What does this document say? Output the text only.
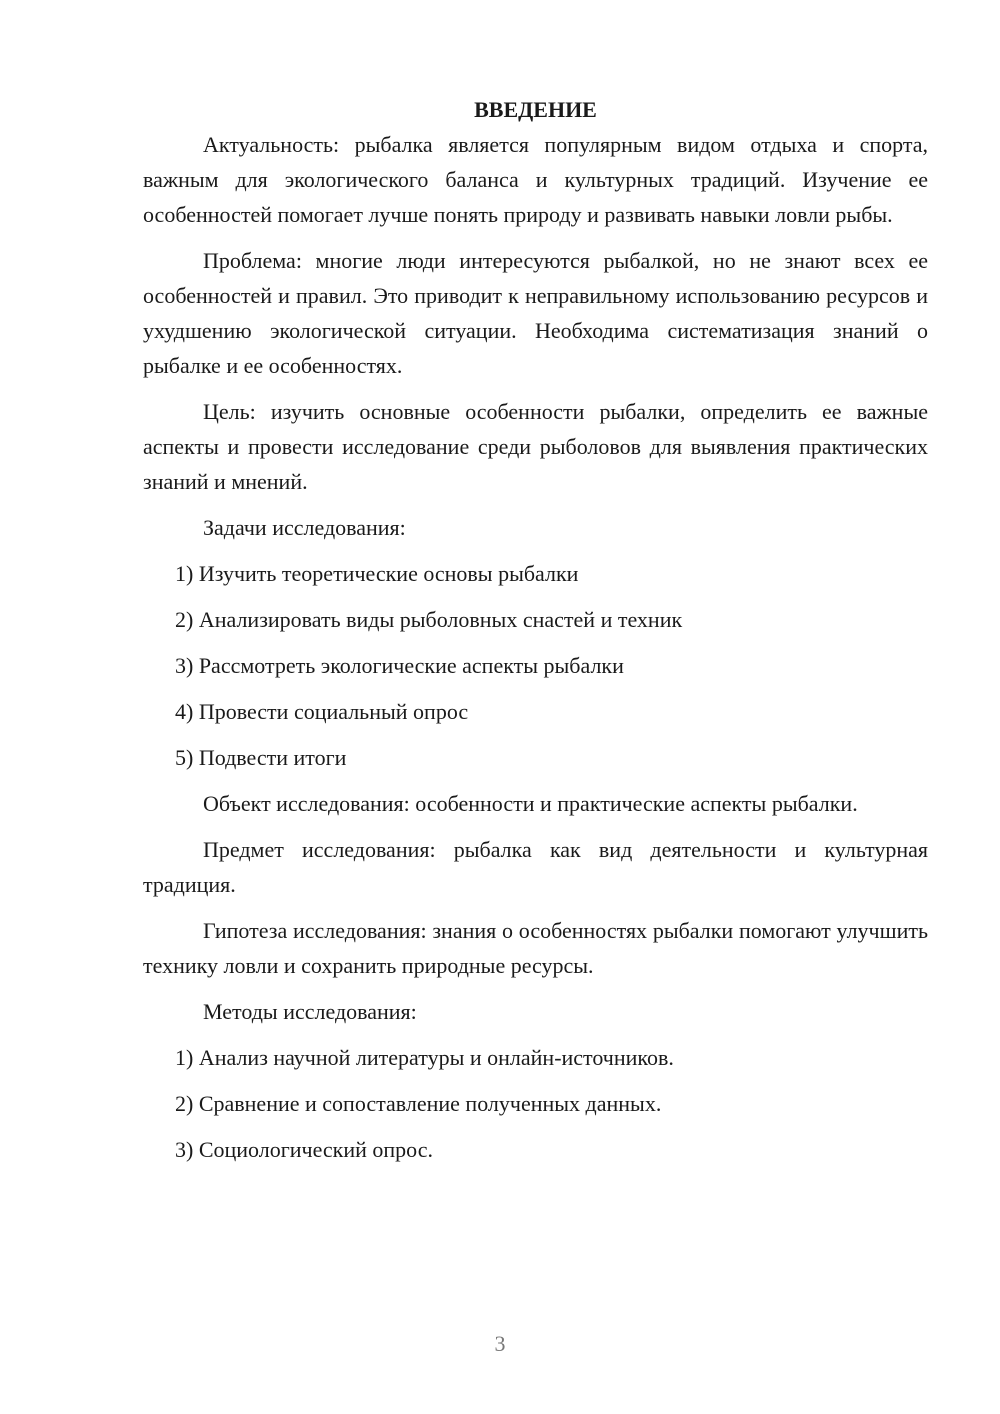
ВВЕДЕНИЕ

Актуальность: рыбалка является популярным видом отдыха и спорта, важным для экологического баланса и культурных традиций. Изучение ее особенностей помогает лучше понять природу и развивать навыки ловли рыбы.

Проблема: многие люди интересуются рыбалкой, но не знают всех ее особенностей и правил. Это приводит к неправильному использованию ресурсов и ухудшению экологической ситуации. Необходима систематизация знаний о рыбалке и ее особенностях.

Цель: изучить основные особенности рыбалки, определить ее важные аспекты и провести исследование среди рыболовов для выявления практических знаний и мнений.

Задачи исследования:

1) Изучить теоретические основы рыбалки

2) Анализировать виды рыболовных снастей и техник

3) Рассмотреть экологические аспекты рыбалки

4) Провести социальный опрос

5) Подвести итоги

Объект исследования: особенности и практические аспекты рыбалки.

Предмет исследования: рыбалка как вид деятельности и культурная традиция.

Гипотеза исследования: знания о особенностях рыбалки помогают улучшить технику ловли и сохранить природные ресурсы.

Методы исследования:

1) Анализ научной литературы и онлайн-источников.

2) Сравнение и сопоставление полученных данных.

3) Социологический опрос.

3
